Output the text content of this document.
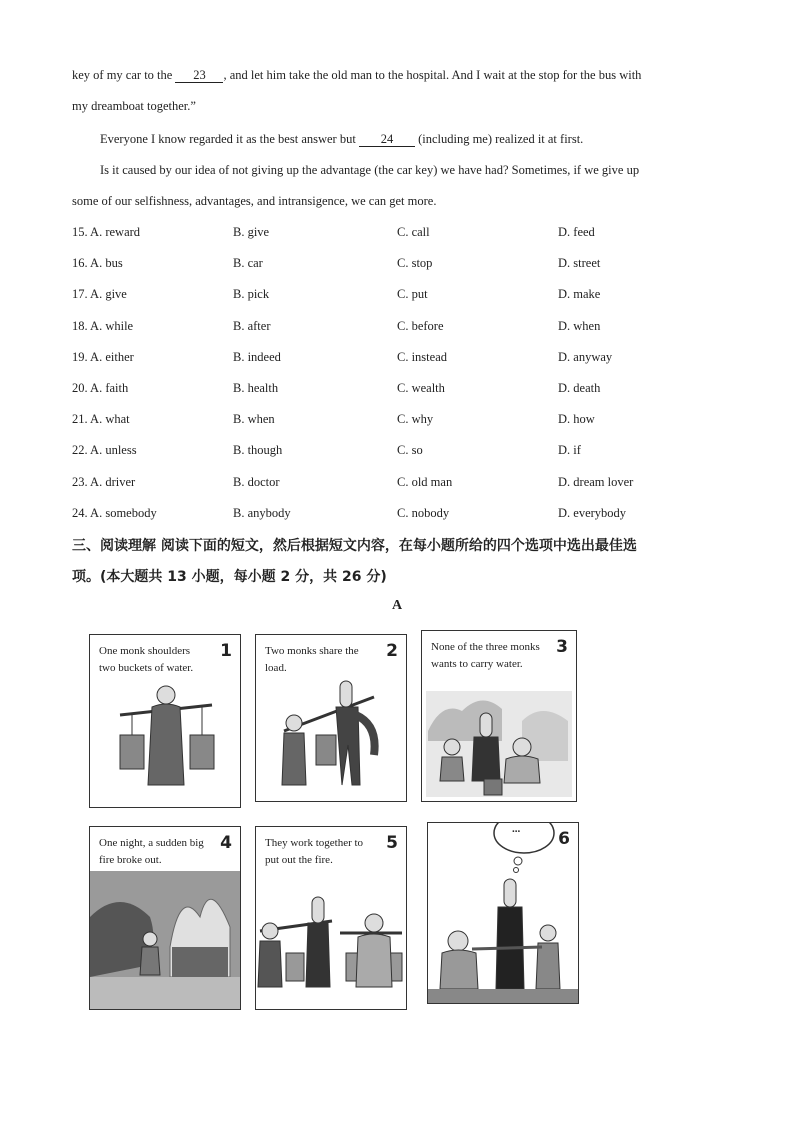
key of my car to the 23 , and let him take the old man to the hospital. And I wait at the stop for the bus with
my dreamboat together.”
Everyone I know regarded it as the best answer but 24 (including me) realized it at first.
Is it caused by our idea of not giving up the advantage (the car key) we have had? Sometimes, if we give up
some of our selfishness, advantages, and intransigence, we can get more.
15. A. reward	B. give	C. call	D. feed
16. A. bus	B. car	C. stop	D. street
17. A. give	B. pick	C. put	D. make
18. A. while	B. after	C. before	D. when
19. A. either	B. indeed	C. instead	D. anyway
20. A. faith	B. health	C. wealth	D. death
21. A. what	B. when	C. why	D. how
22. A. unless	B. though	C. so	D. if
23. A. driver	B. doctor	C. old man	D. dream lover
24. A. somebody	B. anybody	C. nobody	D. everybody
三、阅读理解 阅读下面的短文，然后根据短文内容，在每小题所给的四个选项中选出最佳选
项。(本大题共 13 小题，每小题 2 分，共 26 分)
A
One monk shoulders two buckets of water.
1	Two monks share the load.
2	None of the three monks wants to carry water.
3
One night, a sudden big fire broke out.
4	They work together to put out the fire.
5
...	6
